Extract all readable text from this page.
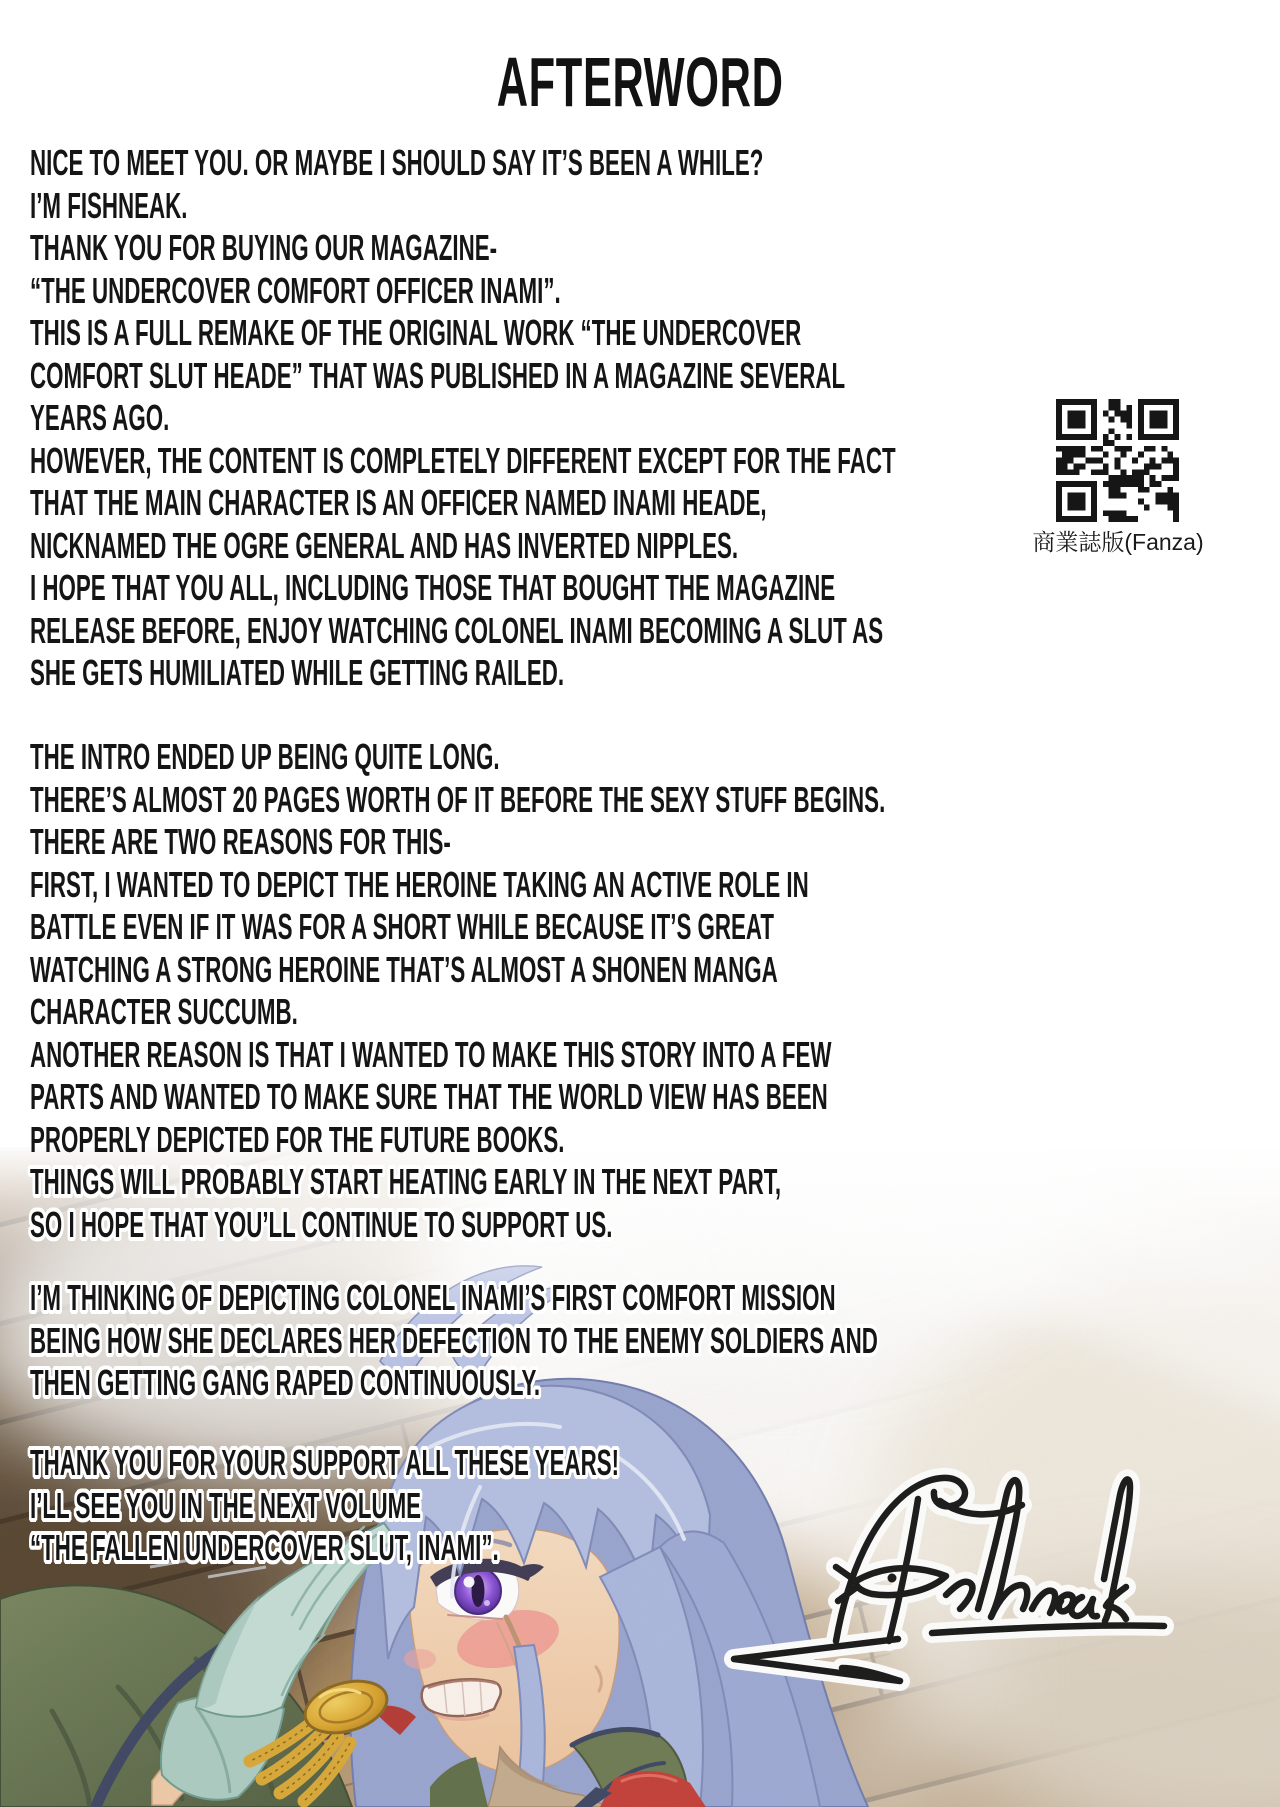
AFTERWORD
NICE TO MEET YOU. OR MAYBE I SHOULD SAY IT’S BEEN A WHILE?
I’M FISHNEAK.
THANK YOU FOR BUYING OUR MAGAZINE-
“THE UNDERCOVER COMFORT OFFICER INAMI”.
THIS IS A FULL REMAKE OF THE ORIGINAL WORK “THE UNDERCOVER
COMFORT SLUT HEADE” THAT WAS PUBLISHED IN A MAGAZINE SEVERAL
YEARS AGO.
HOWEVER, THE CONTENT IS COMPLETELY DIFFERENT EXCEPT FOR THE FACT
THAT THE MAIN CHARACTER IS AN OFFICER NAMED INAMI HEADE,
NICKNAMED THE OGRE GENERAL AND HAS INVERTED NIPPLES.
I HOPE THAT YOU ALL, INCLUDING THOSE THAT BOUGHT THE MAGAZINE
RELEASE BEFORE, ENJOY WATCHING COLONEL INAMI BECOMING A SLUT AS
SHE GETS HUMILIATED WHILE GETTING RAILED.
THE INTRO ENDED UP BEING QUITE LONG.
THERE’S ALMOST 20 PAGES WORTH OF IT BEFORE THE SEXY STUFF BEGINS.
THERE ARE TWO REASONS FOR THIS-
FIRST, I WANTED TO DEPICT THE HEROINE TAKING AN ACTIVE ROLE IN
BATTLE EVEN IF IT WAS FOR A SHORT WHILE BECAUSE IT’S GREAT
WATCHING A STRONG HEROINE THAT’S ALMOST A SHONEN MANGA
CHARACTER SUCCUMB.
ANOTHER REASON IS THAT I WANTED TO MAKE THIS STORY INTO A FEW
PARTS AND WANTED TO MAKE SURE THAT THE WORLD VIEW HAS BEEN
PROPERLY DEPICTED FOR THE FUTURE BOOKS.
THINGS WILL PROBABLY START HEATING EARLY IN THE NEXT PART,
SO I HOPE THAT YOU’LL CONTINUE TO SUPPORT US.
I’M THINKING OF DEPICTING COLONEL INAMI’S FIRST COMFORT MISSION
BEING HOW SHE DECLARES HER DEFECTION TO THE ENEMY SOLDIERS AND
THEN GETTING GANG RAPED CONTINUOUSLY.
THANK YOU FOR YOUR SUPPORT ALL THESE YEARS!
I’LL SEE YOU IN THE NEXT VOLUME
“THE FALLEN UNDERCOVER SLUT, INAMI”.
商業誌版(Fanza)
